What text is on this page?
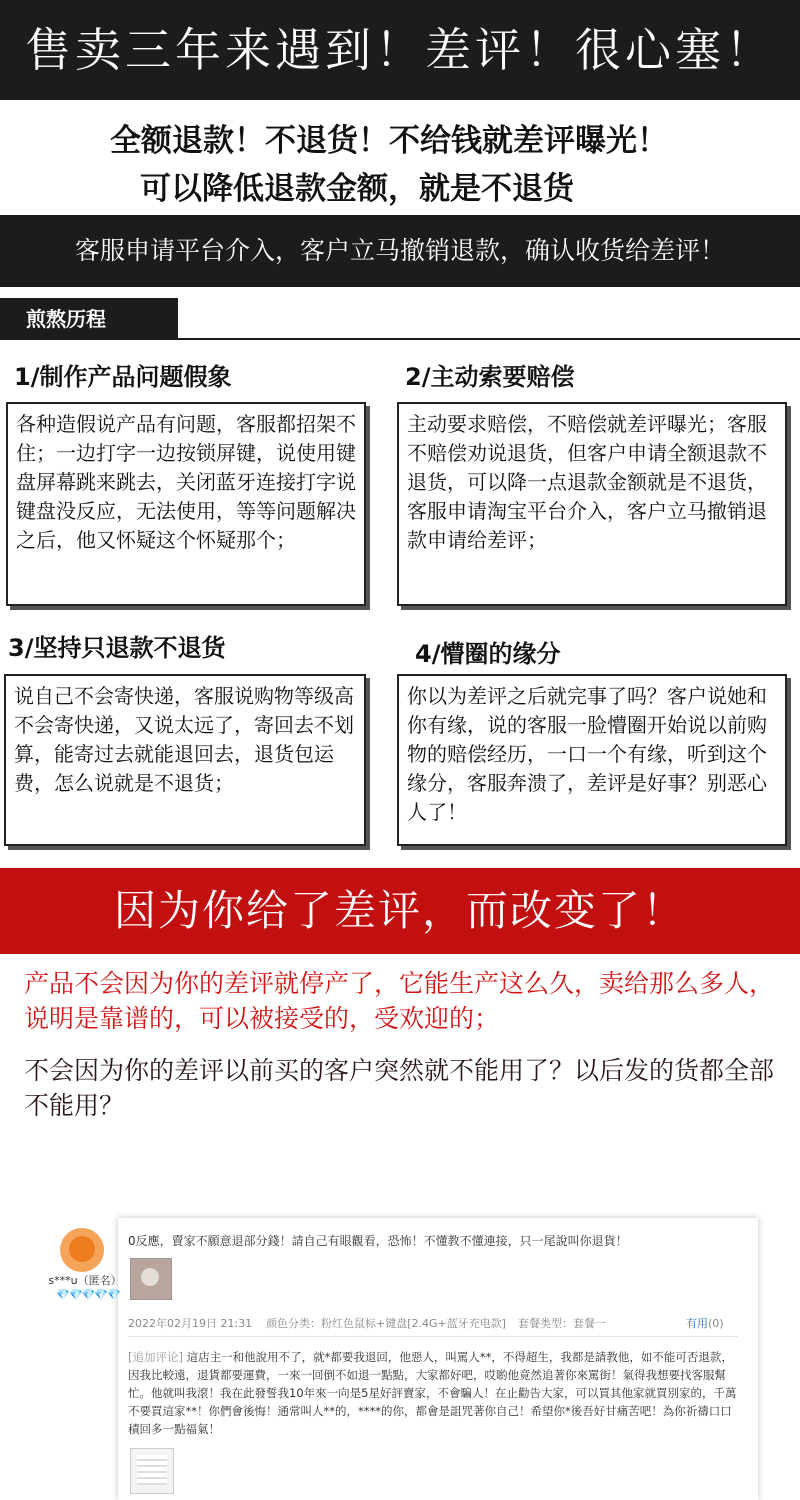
售卖三年来遇到！差评！很心塞！
全额退款！不退货！不给钱就差评曝光！
可以降低退款金额，就是不退货
客服申请平台介入，客户立马撤销退款，确认收货给差评！
煎熬历程
1/制作产品问题假象
各种造假说产品有问题，客服都招架不住；一边打字一边按锁屏键，说使用键盘屏幕跳来跳去，关闭蓝牙连接打字说键盘没反应，无法使用，等等问题解决之后，他又怀疑这个怀疑那个；
2/主动索要赔偿
主动要求赔偿，不赔偿就差评曝光；客服不赔偿劝说退货，但客户申请全额退款不退货，可以降一点退款金额就是不退货，客服申请淘宝平台介入，客户立马撤销退款申请给差评；
3/坚持只退款不退货
说自己不会寄快递，客服说购物等级高不会寄快递，又说太远了，寄回去不划算，能寄过去就能退回去，退货包运费，怎么说就是不退货；
4/懵圈的缘分
你以为差评之后就完事了吗？客户说她和你有缘，说的客服一脸懵圈开始说以前购物的赔偿经历，一口一个有缘，听到这个缘分，客服奔溃了，差评是好事？别恶心人了！
因为你给了差评，而改变了！
产品不会因为你的差评就停产了，它能生产这么久，卖给那么多人，说明是靠谱的，可以被接受的，受欢迎的；
不会因为你的差评以前买的客户突然就不能用了？以后发的货都全部不能用？
s***u（匿名）
💎💎💎💎💎
0反應，賣家不願意退部分錢！請自己有眼觀看，恐怖！不懂教不懂連接，只一尾說叫你退貨！
2022年02月19日 21:31 颜色分类：粉红色鼠标+键盘[2.4G+蓝牙充电款] 套餐类型：套餐一	有用(0)
[追加评论] 這店主一和他說用不了，就*都要我退回，他惡人，叫罵人**，不得超生，我都是請教他，如不能可否退款，因我比較遠，退貨都要運費，一來一回倒不如退一點點，大家都好吧，哎喲他竟然追著你來罵街！氣得我想要找客服幫忙。他就叫我滾！我在此發誓我10年來一向是5星好評賣家，不會騙人！在止勸告大家，可以買其他家就買別家的，千萬不要買這家**！你們會後悔！通常叫人**的，****的你，都會是詛咒著你自己！希望你*後吾好甘痛苦吧！為你祈禱口口積回多一點福氣！
